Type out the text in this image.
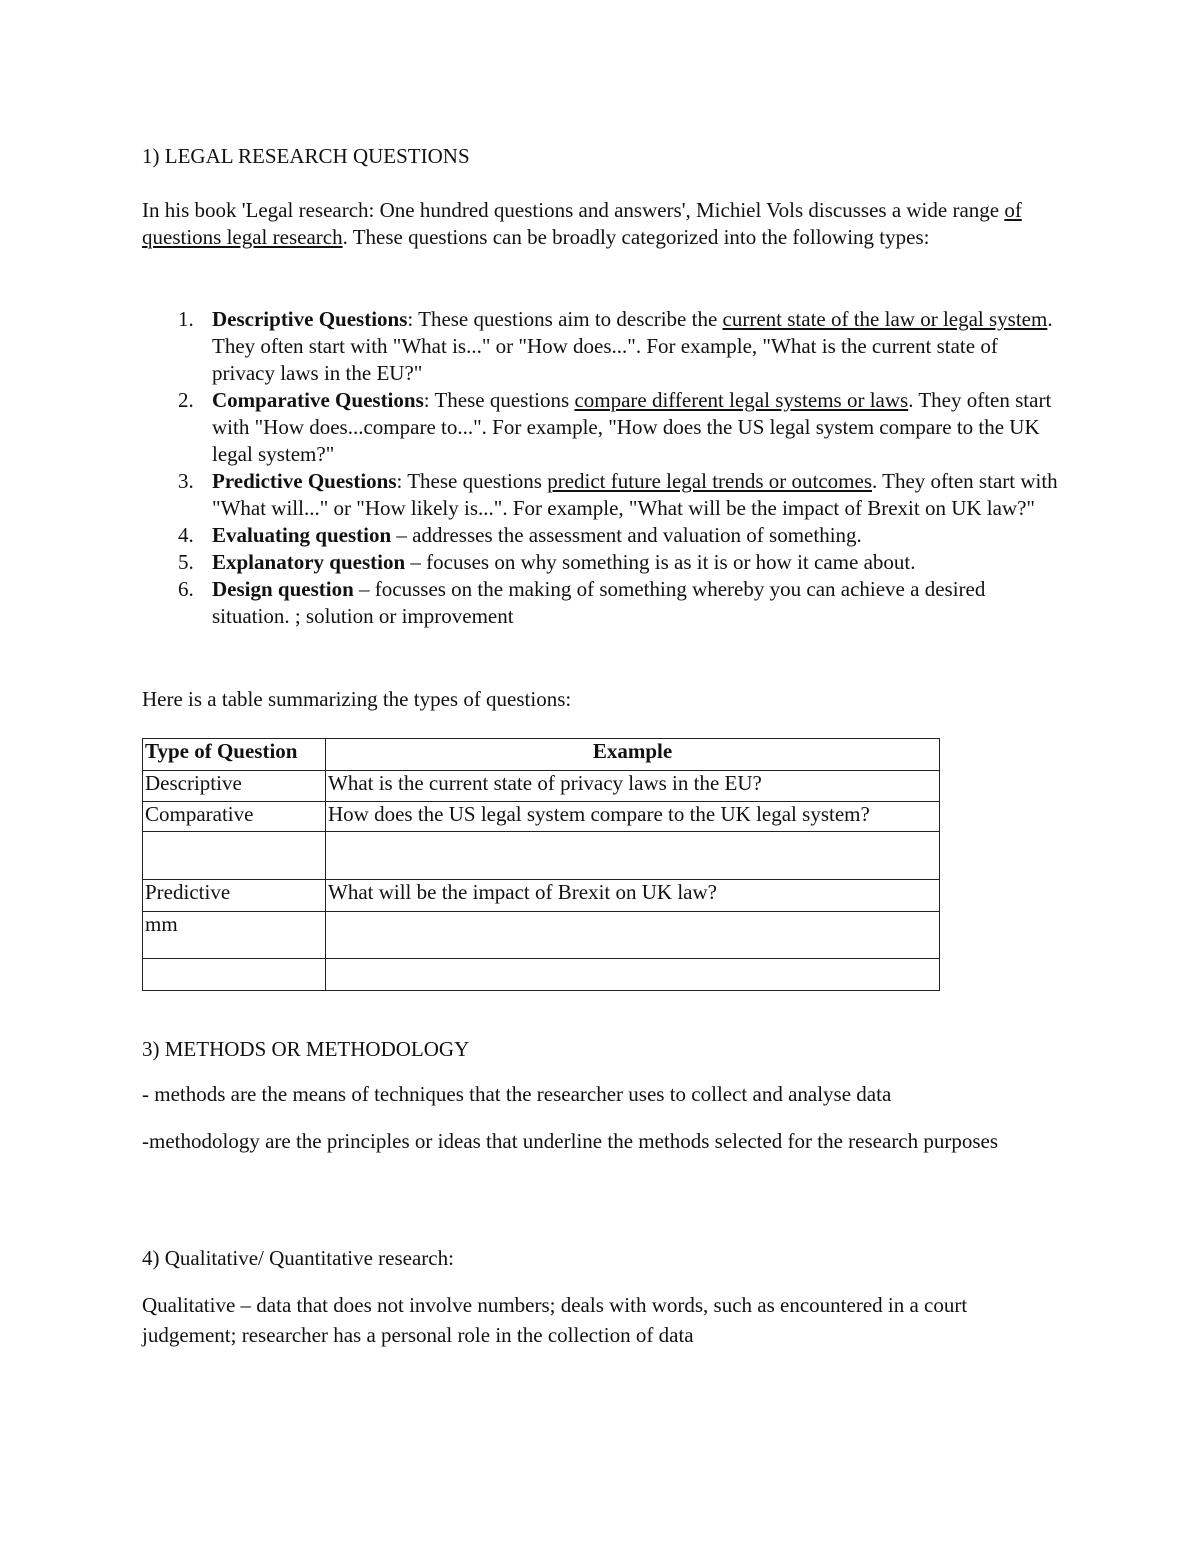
1) LEGAL RESEARCH QUESTIONS

In his book 'Legal research: One hundred questions and answers', Michiel Vols discusses a wide range of questions legal research. These questions can be broadly categorized into the following types:

1. Descriptive Questions: These questions aim to describe the current state of the law or legal system. They often start with "What is..." or "How does...". For example, "What is the current state of privacy laws in the EU?"
2. Comparative Questions: These questions compare different legal systems or laws. They often start with "How does...compare to...". For example, "How does the US legal system compare to the UK legal system?"
3. Predictive Questions: These questions predict future legal trends or outcomes. They often start with "What will..." or "How likely is...". For example, "What will be the impact of Brexit on UK law?"
4. Evaluating question – addresses the assessment and valuation of something.
5. Explanatory question – focuses on why something is as it is or how it came about.
6. Design question – focusses on the making of something whereby you can achieve a desired situation. ; solution or improvement

Here is a table summarizing the types of questions:

Type of Question	Example
Descriptive	What is the current state of privacy laws in the EU?
Comparative	How does the US legal system compare to the UK legal system?

Predictive	What will be the impact of Brexit on UK law?
mm	

3) METHODS OR METHODOLOGY

- methods are the means of techniques that the researcher uses to collect and analyse data

-methodology are the principles or ideas that underline the methods selected for the research purposes

4) Qualitative/ Quantitative research:

Qualitative – data that does not involve numbers; deals with words, such as encountered in a court judgement; researcher has a personal role in the collection of data
